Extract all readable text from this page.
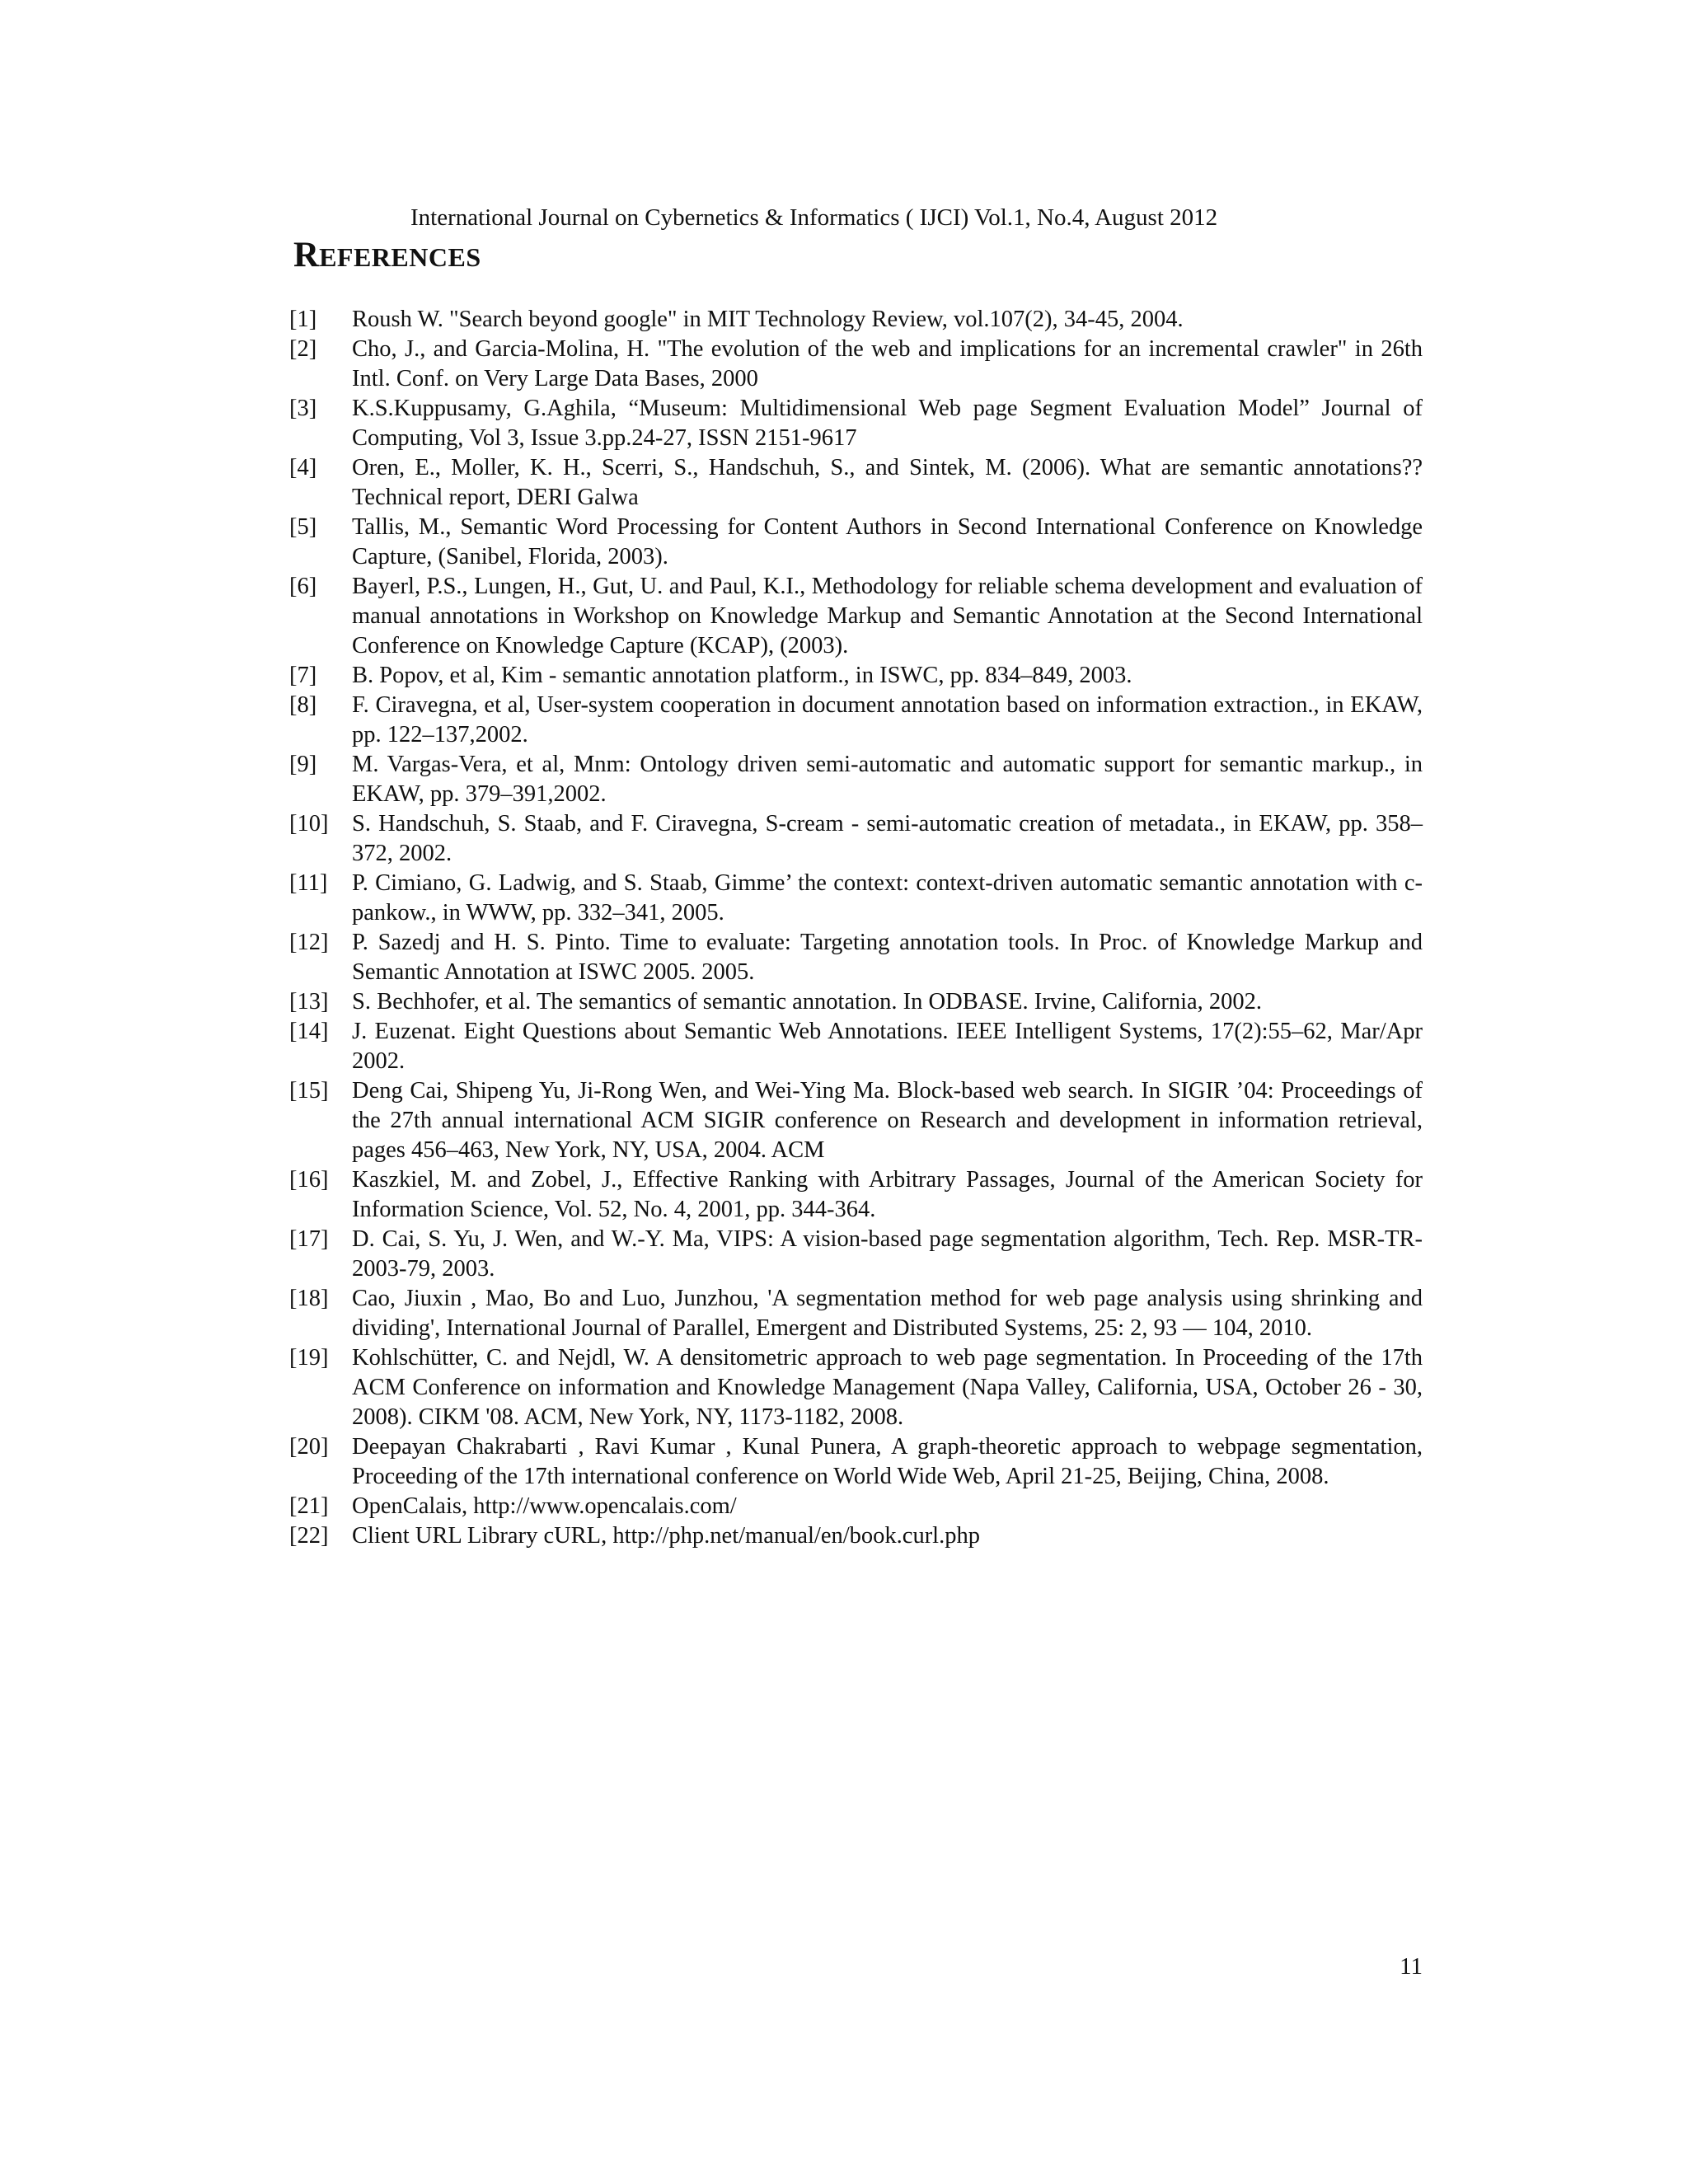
International Journal on Cybernetics & Informatics ( IJCI) Vol.1, No.4, August 2012
REFERENCES
[1] Roush W. "Search beyond google" in MIT Technology Review, vol.107(2), 34-45, 2004.
[2] Cho, J., and Garcia-Molina, H. "The evolution of the web and implications for an incremental crawler" in 26th Intl. Conf. on Very Large Data Bases, 2000
[3] K.S.Kuppusamy, G.Aghila, “Museum: Multidimensional Web page Segment Evaluation Model” Journal of Computing, Vol 3, Issue 3.pp.24-27, ISSN 2151-9617
[4] Oren, E., Moller, K. H., Scerri, S., Handschuh, S., and Sintek, M. (2006). What are semantic annotations?? Technical report, DERI Galwa
[5] Tallis, M., Semantic Word Processing for Content Authors in Second International Conference on Knowledge Capture, (Sanibel, Florida, 2003).
[6] Bayerl, P.S., Lungen, H., Gut, U. and Paul, K.I., Methodology for reliable schema development and evaluation of manual annotations in Workshop on Knowledge Markup and Semantic Annotation at the Second International Conference on Knowledge Capture (KCAP), (2003).
[7] B. Popov, et al, Kim - semantic annotation platform., in ISWC, pp. 834–849, 2003.
[8] F. Ciravegna, et al, User-system cooperation in document annotation based on information extraction., in EKAW, pp. 122–137,2002.
[9] M. Vargas-Vera, et al, Mnm: Ontology driven semi-automatic and automatic support for semantic markup., in EKAW, pp. 379–391,2002.
[10] S. Handschuh, S. Staab, and F. Ciravegna, S-cream - semi-automatic creation of metadata., in EKAW, pp. 358–372, 2002.
[11] P. Cimiano, G. Ladwig, and S. Staab, Gimme’ the context: context-driven automatic semantic annotation with c-pankow., in WWW, pp. 332–341, 2005.
[12] P. Sazedj and H. S. Pinto. Time to evaluate: Targeting annotation tools. In Proc. of Knowledge Markup and Semantic Annotation at ISWC 2005. 2005.
[13] S. Bechhofer, et al. The semantics of semantic annotation. In ODBASE. Irvine, California, 2002.
[14] J. Euzenat. Eight Questions about Semantic Web Annotations. IEEE Intelligent Systems, 17(2):55–62, Mar/Apr 2002.
[15] Deng Cai, Shipeng Yu, Ji-Rong Wen, and Wei-Ying Ma. Block-based web search. In SIGIR ’04: Proceedings of the 27th annual international ACM SIGIR conference on Research and development in information retrieval, pages 456–463, New York, NY, USA, 2004. ACM
[16] Kaszkiel, M. and Zobel, J., Effective Ranking with Arbitrary Passages, Journal of the American Society for Information Science, Vol. 52, No. 4, 2001, pp. 344-364.
[17] D. Cai, S. Yu, J. Wen, and W.-Y. Ma, VIPS: A vision-based page segmentation algorithm, Tech. Rep. MSR-TR-2003-79, 2003.
[18] Cao, Jiuxin , Mao, Bo and Luo, Junzhou, 'A segmentation method for web page analysis using shrinking and dividing', International Journal of Parallel, Emergent and Distributed Systems, 25: 2, 93 — 104, 2010.
[19] Kohlschütter, C. and Nejdl, W. A densitometric approach to web page segmentation. In Proceeding of the 17th ACM Conference on information and Knowledge Management (Napa Valley, California, USA, October 26 - 30, 2008). CIKM '08. ACM, New York, NY, 1173-1182, 2008.
[20] Deepayan Chakrabarti , Ravi Kumar , Kunal Punera, A graph-theoretic approach to webpage segmentation, Proceeding of the 17th international conference on World Wide Web, April 21-25, Beijing, China, 2008.
[21] OpenCalais, http://www.opencalais.com/
[22] Client URL Library cURL, http://php.net/manual/en/book.curl.php
11
